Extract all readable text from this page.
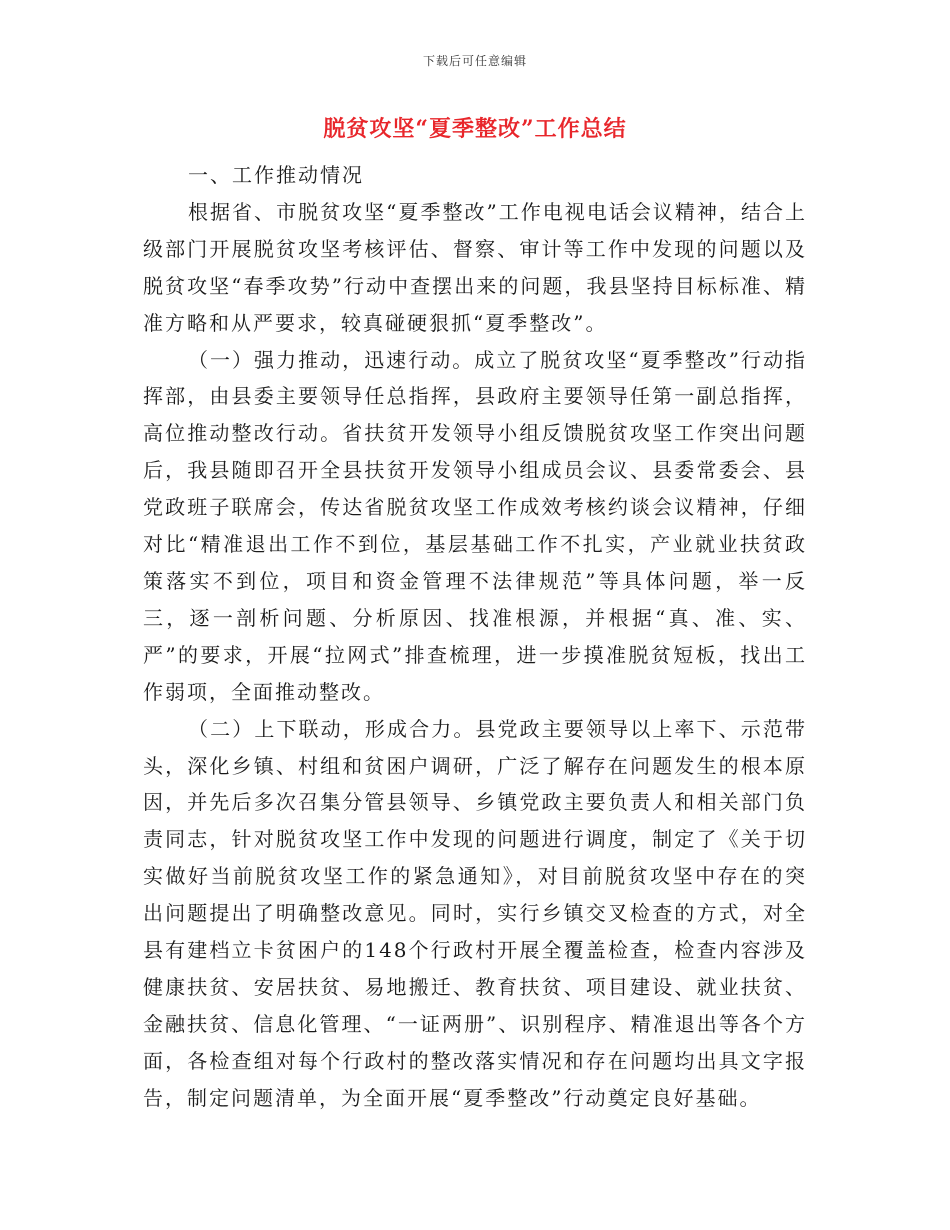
下载后可任意编辑
脱贫攻坚“夏季整改”工作总结
一、工作推动情况

根据省、市脱贫攻坚“夏季整改”工作电视电话会议精神，结合上级部门开展脱贫攻坚考核评估、督察、审计等工作中发现的问题以及脱贫攻坚“春季攻势”行动中查摆出来的问题，我县坚持目标标准、精准方略和从严要求，较真碰硬狠抓“夏季整改”。

（一）强力推动，迅速行动。成立了脱贫攻坚“夏季整改”行动指挥部，由县委主要领导任总指挥，县政府主要领导任第一副总指挥，高位推动整改行动。省扶贫开发领导小组反馈脱贫攻坚工作突出问题后，我县随即召开全县扶贫开发领导小组成员会议、县委常委会、县党政班子联席会，传达省脱贫攻坚工作成效考核约谈会议精神，仔细对比“精准退出工作不到位，基层基础工作不扎实，产业就业扶贫政策落实不到位，项目和资金管理不法律规范”等具体问题，举一反三，逐一剖析问题、分析原因、找准根源，并根据“真、准、实、严”的要求，开展“拉网式”排查梳理，进一步摸准脱贫短板，找出工作弱项，全面推动整改。

（二）上下联动，形成合力。县党政主要领导以上率下、示范带头，深化乡镇、村组和贫困户调研，广泛了解存在问题发生的根本原因，并先后多次召集分管县领导、乡镇党政主要负责人和相关部门负责同志，针对脱贫攻坚工作中发现的问题进行调度，制定了《关于切实做好当前脱贫攻坚工作的紧急通知》，对目前脱贫攻坚中存在的突出问题提出了明确整改意见。同时，实行乡镇交叉检查的方式，对全县有建档立卡贫困户的148个行政村开展全覆盖检查，检查内容涉及健康扶贫、安居扶贫、易地搬迁、教育扶贫、项目建设、就业扶贫、金融扶贫、信息化管理、“一证两册”、识别程序、精准退出等各个方面，各检查组对每个行政村的整改落实情况和存在问题均出具文字报告，制定问题清单，为全面开展“夏季整改”行动奠定良好基础。
